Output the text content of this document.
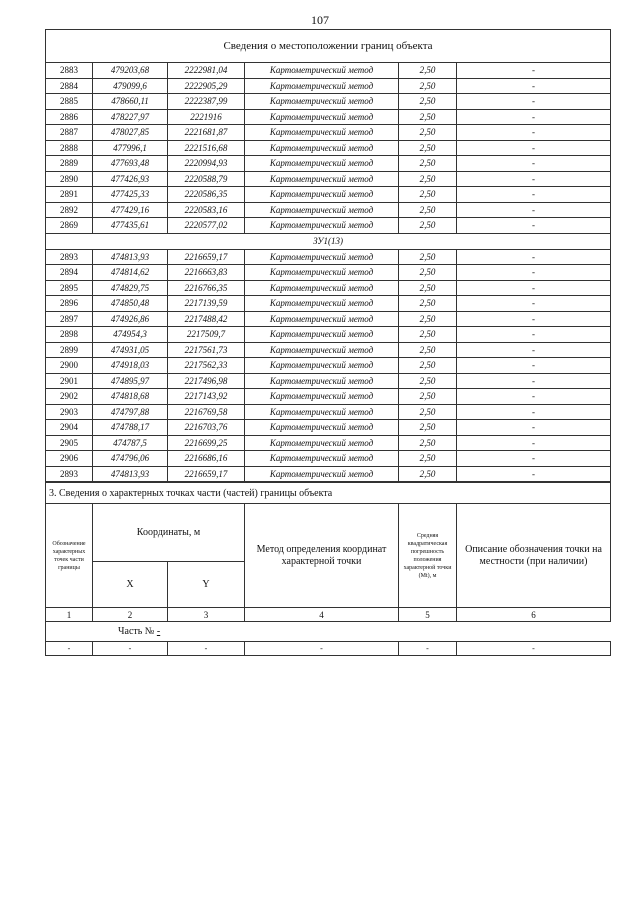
107
Сведения о местоположении границ объекта					
2883	479203,68	2222981,04	Картометрический метод	2,50	-
2884	479099,6	2222905,29	Картометрический метод	2,50	-
2885	478660,11	2222387,99	Картометрический метод	2,50	-
2886	478227,97	2221916	Картометрический метод	2,50	-
2887	478027,85	2221681,87	Картометрический метод	2,50	-
2888	477996,1	2221516,68	Картометрический метод	2,50	-
2889	477693,48	2220994,93	Картометрический метод	2,50	-
2890	477426,93	2220588,79	Картометрический метод	2,50	-
2891	477425,33	2220586,35	Картометрический метод	2,50	-
2892	477429,16	2220583,16	Картометрический метод	2,50	-
2869	477435,61	2220577,02	Картометрический метод	2,50	-
ЗУ1(13)					
2893	474813,93	2216659,17	Картометрический метод	2,50	-
2894	474814,62	2216663,83	Картометрический метод	2,50	-
2895	474829,75	2216766,35	Картометрический метод	2,50	-
2896	474850,48	2217139,59	Картометрический метод	2,50	-
2897	474926,86	2217488,42	Картометрический метод	2,50	-
2898	474954,3	2217509,7	Картометрический метод	2,50	-
2899	474931,05	2217561,73	Картометрический метод	2,50	-
2900	474918,03	2217562,33	Картометрический метод	2,50	-
2901	474895,97	2217496,98	Картометрический метод	2,50	-
2902	474818,68	2217143,92	Картометрический метод	2,50	-
2903	474797,88	2216769,58	Картометрический метод	2,50	-
2904	474788,17	2216703,76	Картометрический метод	2,50	-
2905	474787,5	2216699,25	Картометрический метод	2,50	-
2906	474796,06	2216686,16	Картометрический метод	2,50	-
2893	474813,93	2216659,17	Картометрический метод	2,50	-
3. Сведения о характерных точках части (частей) границы объекта					
Обозначение характерных точек части границы	Координаты, м		Метод определения координат характерной точки	Средняя квадратическая погрешность положения характерной точки (Mt), м	Описание обозначения точки на местности (при наличии)
	X	Y			
1	2	3	4	5	6
Часть № -					
-	-	-	-	-	-
